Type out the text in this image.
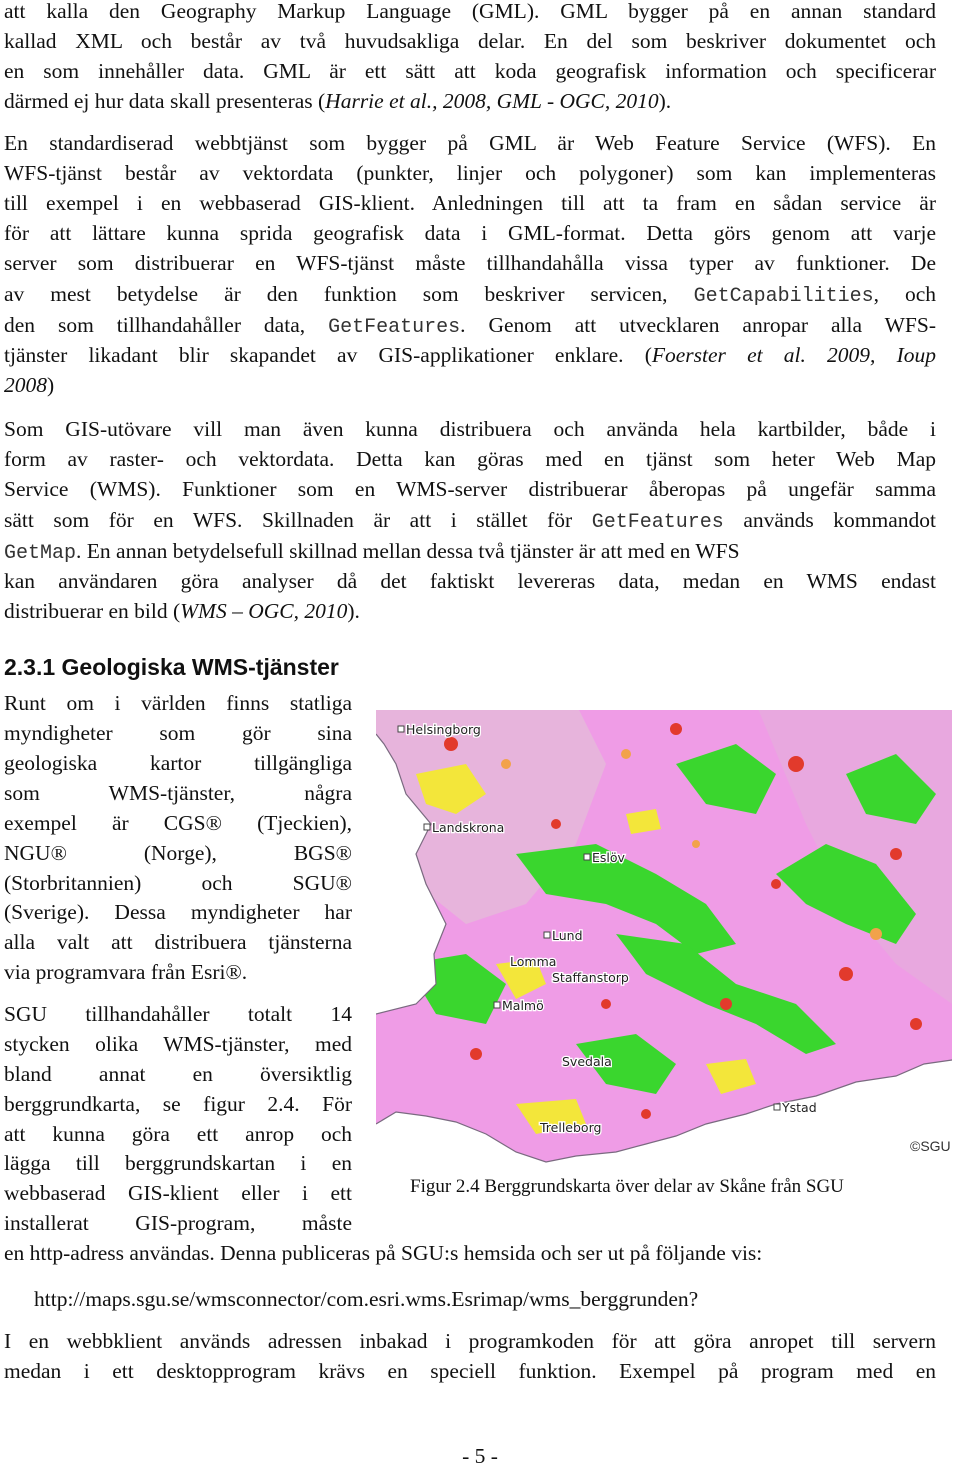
att kalla den Geography Markup Language (GML). GML bygger på en annan standard
kallad XML och består av två huvudsakliga delar. En del som beskriver dokumentet och
en som innehåller data. GML är ett sätt att koda geografisk information och specificerar
därmed ej hur data skall presenteras (Harrie et al., 2008, GML - OGC, 2010).
En standardiserad webbtjänst som bygger på GML är Web Feature Service (WFS). En
WFS-tjänst består av vektordata (punkter, linjer och polygoner) som kan implementeras
till exempel i en webbaserad GIS-klient. Anledningen till att ta fram en sådan service är
för att lättare kunna sprida geografisk data i GML-format. Detta görs genom att varje
server som distribuerar en WFS-tjänst måste tillhandahålla vissa typer av funktioner. De
av mest betydelse är den funktion som beskriver servicen, GetCapabilities, och
den som tillhandahåller data, GetFeatures. Genom att utvecklaren anropar alla WFS-
tjänster likadant blir skapandet av GIS-applikationer enklare. (Foerster et al. 2009, Ioup
2008)
Som GIS-utövare vill man även kunna distribuera och använda hela kartbilder, både i
form av raster- och vektordata. Detta kan göras med en tjänst som heter Web Map
Service (WMS). Funktioner som en WMS-server distribuerar åberopas på ungefär samma
sätt som för en WFS. Skillnaden är att i stället för GetFeatures används kommandot
GetMap. En annan betydelsefull skillnad mellan dessa två tjänster är att med en WFS
kan användaren göra analyser då det faktiskt levereras data, medan en WMS endast
distribuerar en bild (WMS – OGC, 2010).
2.3.1 Geologiska WMS-tjänster
Runt om i världen finns statliga
myndigheter som gör sina
geologiska kartor tillgängliga
som WMS-tjänster, några
exempel är CGS® (Tjeckien),
NGU® (Norge), BGS®
(Storbritannien) och SGU®
(Sverige). Dessa myndigheter har
alla valt att distribuera tjänsterna
via programvara från Esri®.
SGU tillhandahåller totalt 14
stycken olika WMS-tjänster, med
bland annat en översiktlig
berggrundkarta, se figur 2.4. För
att kunna göra ett anrop och
lägga till berggrundskartan i en
webbaserad GIS-klient eller i ett
installerat GIS-program, måste
Helsingborg
Landskrona
Eslöv
Lund
Lomma
Staffanstorp
Malmö
Svedala
Ystad
Trelleborg
©SGU
Figur 2.4 Berggrundskarta över delar av Skåne från SGU
en http-adress användas. Denna publiceras på SGU:s hemsida och ser ut på följande vis:
http://maps.sgu.se/wmsconnector/com.esri.wms.Esrimap/wms_berggrunden?
I en webbklient används adressen inbakad i programkoden för att göra anropet till servern
medan i ett desktopprogram krävs en speciell funktion. Exempel på program med en
- 5 -
